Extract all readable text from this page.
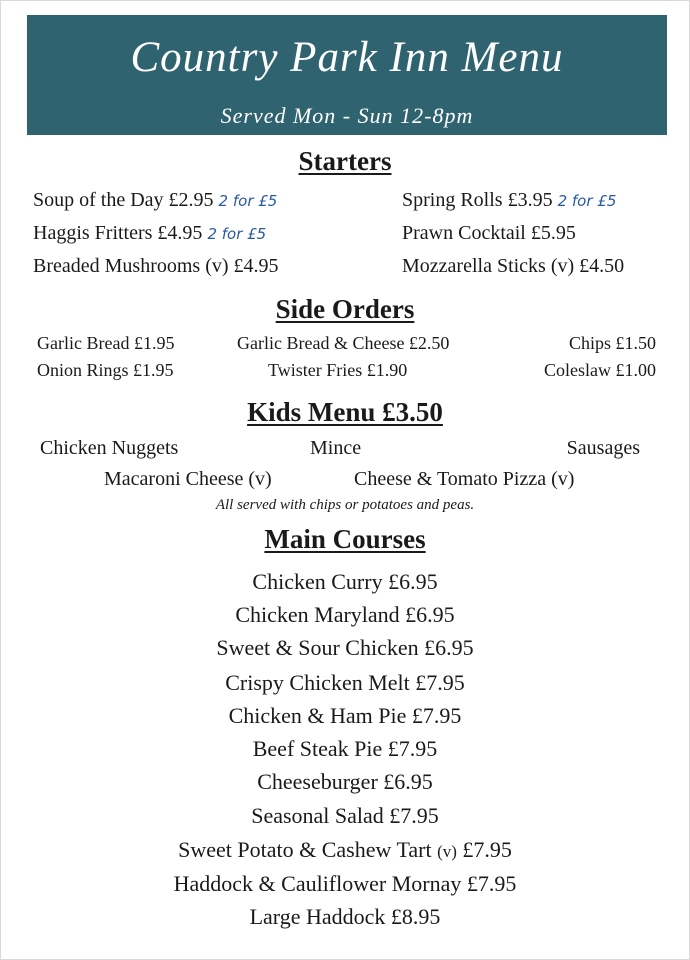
Country Park Inn Menu
Served Mon - Sun 12-8pm
Starters
Soup of the Day £2.95 2 for £5
Haggis Fritters £4.95 2 for £5
Breaded Mushrooms (v) £4.95
Spring Rolls £3.95 2 for £5
Prawn Cocktail £5.95
Mozzarella Sticks (v) £4.50
Side Orders
Garlic Bread £1.95	Garlic Bread & Cheese £2.50	Chips £1.50
Onion Rings £1.95	Twister Fries £1.90	Coleslaw £1.00
Kids Menu £3.50
Chicken Nuggets	Mince	Sausages
Macaroni Cheese (v)	Cheese & Tomato Pizza (v)
All served with chips or potatoes and peas.
Main Courses
Chicken Curry £6.95
Chicken Maryland £6.95
Sweet & Sour Chicken £6.95
Crispy Chicken Melt £7.95
Chicken & Ham Pie £7.95
Beef Steak Pie £7.95
Cheeseburger £6.95
Seasonal Salad £7.95
Sweet Potato & Cashew Tart (v) £7.95
Haddock & Cauliflower Mornay £7.95
Large Haddock £8.95
